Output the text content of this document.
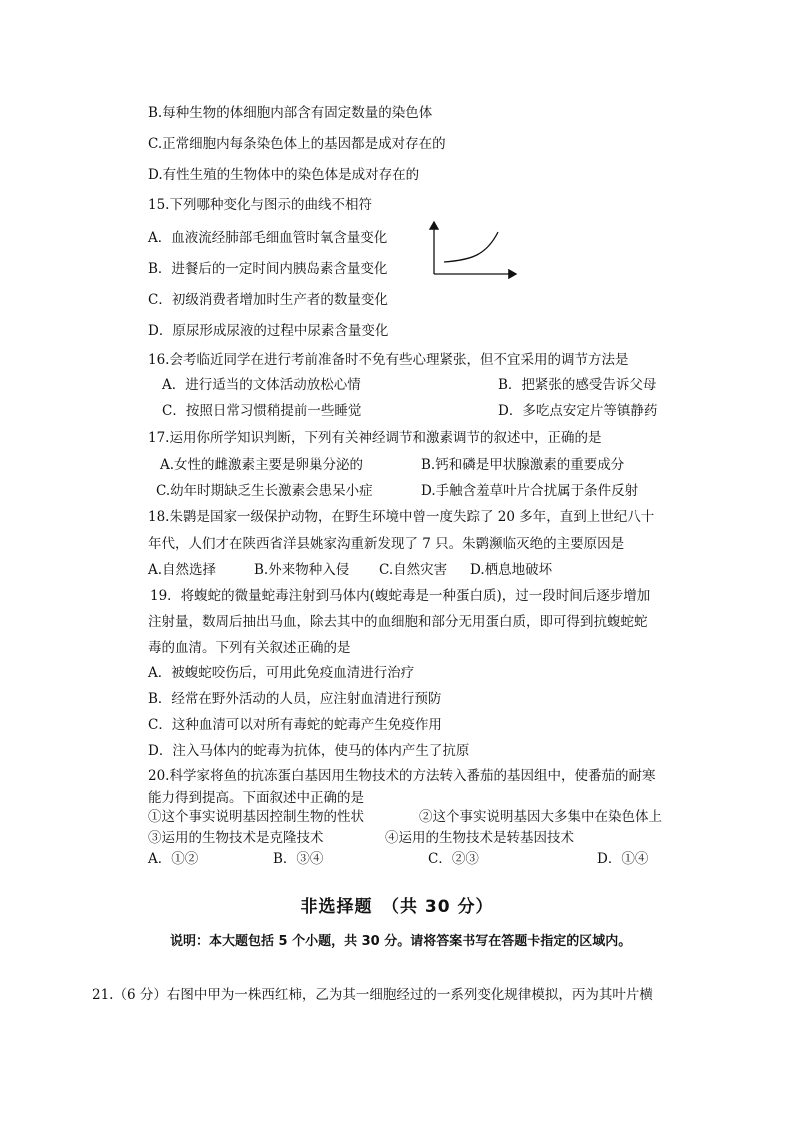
B.每种生物的体细胞内部含有固定数量的染色体
C.正常细胞内每条染色体上的基因都是成对存在的
D.有性生殖的生物体中的染色体是成对存在的
15.下列哪种变化与图示的曲线不相符
A．血液流经肺部毛细血管时氧含量变化
B．进餐后的一定时间内胰岛素含量变化
C．初级消费者增加时生产者的数量变化
D．原尿形成尿液的过程中尿素含量变化
16.会考临近同学在进行考前准备时不免有些心理紧张，但不宜采用的调节方法是
A．进行适当的文体活动放松心情	B．把紧张的感受告诉父母
C．按照日常习惯稍提前一些睡觉	D．多吃点安定片等镇静药
17.运用你所学知识判断，下列有关神经调节和激素调节的叙述中，正确的是
A.女性的雌激素主要是卵巢分泌的	B.钙和磷是甲状腺激素的重要成分
C.幼年时期缺乏生长激素会患呆小症	D.手触含羞草叶片合扰属于条件反射
18.朱鹮是国家一级保护动物，在野生环境中曾一度失踪了 20 多年，直到上世纪八十
年代，人们才在陕西省洋县姚家沟重新发现了 7 只。朱鹮濒临灭绝的主要原因是
A.自然选择	B.外来物种入侵 C.自然灾害 D.栖息地破坏
19．将蝮蛇的微量蛇毒注射到马体内(蝮蛇毒是一种蛋白质)，过一段时间后逐步增加
注射量，数周后抽出马血，除去其中的血细胞和部分无用蛋白质，即可得到抗蝮蛇蛇
毒的血清。下列有关叙述正确的是
A．被蝮蛇咬伤后，可用此免疫血清进行治疗
B．经常在野外活动的人员，应注射血清进行预防
C．这种血清可以对所有毒蛇的蛇毒产生免疫作用
D．注入马体内的蛇毒为抗体，使马的体内产生了抗原
20.科学家将鱼的抗冻蛋白基因用生物技术的方法转入番茄的基因组中，使番茄的耐寒
能力得到提高。下面叙述中正确的是
①这个事实说明基因控制生物的性状	②这个事实说明基因大多集中在染色体上
③运用的生物技术是克隆技术	④运用的生物技术是转基因技术
A．①②	B．③④	C．②③	D．①④
非选择题　（共 30 分）
说明：本大题包括 5 个小题，共 30 分。请将答案书写在答题卡指定的区域内。
21.（6 分）右图中甲为一株西红柿，乙为其一细胞经过的一系列变化规律模拟，丙为其叶片横
